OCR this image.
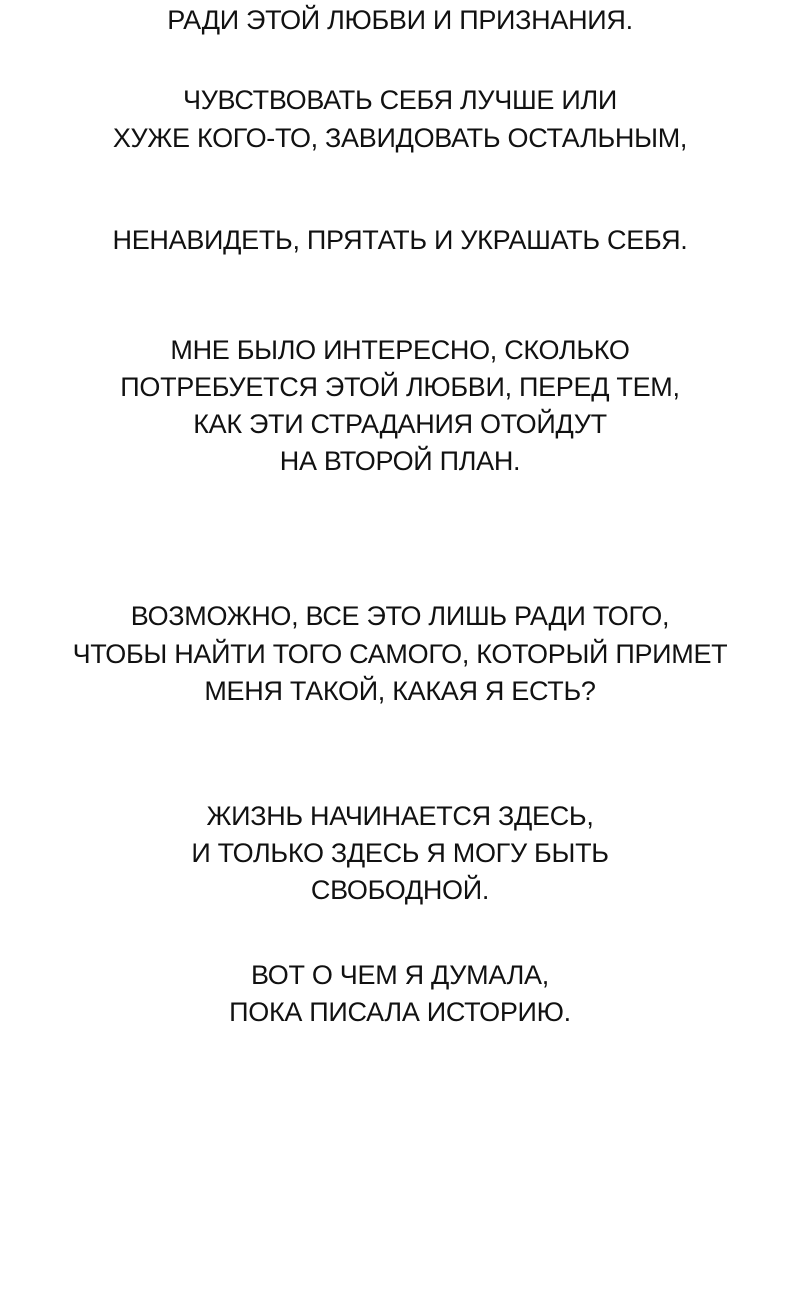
РАДИ ЭТОЙ ЛЮБВИ И ПРИЗНАНИЯ.
ЧУВСТВОВАТЬ СЕБЯ ЛУЧШЕ ИЛИ
ХУЖЕ КОГО-ТО, ЗАВИДОВАТЬ ОСТАЛЬНЫМ,
НЕНАВИДЕТЬ, ПРЯТАТЬ И УКРАШАТЬ СЕБЯ.
МНЕ БЫЛО ИНТЕРЕСНО, СКОЛЬКО
ПОТРЕБУЕТСЯ ЭТОЙ ЛЮБВИ, ПЕРЕД ТЕМ,
КАК ЭТИ СТРАДАНИЯ ОТОЙДУТ
НА ВТОРОЙ ПЛАН.
ВОЗМОЖНО, ВСЕ ЭТО ЛИШЬ РАДИ ТОГО,
ЧТОБЫ НАЙТИ ТОГО САМОГО, КОТОРЫЙ ПРИМЕТ
МЕНЯ ТАКОЙ, КАКАЯ Я ЕСТЬ?
ЖИЗНЬ НАЧИНАЕТСЯ ЗДЕСЬ,
И ТОЛЬКО ЗДЕСЬ Я МОГУ БЫТЬ
СВОБОДНОЙ.
ВОТ О ЧЕМ Я ДУМАЛА,
ПОКА ПИСАЛА ИСТОРИЮ.
